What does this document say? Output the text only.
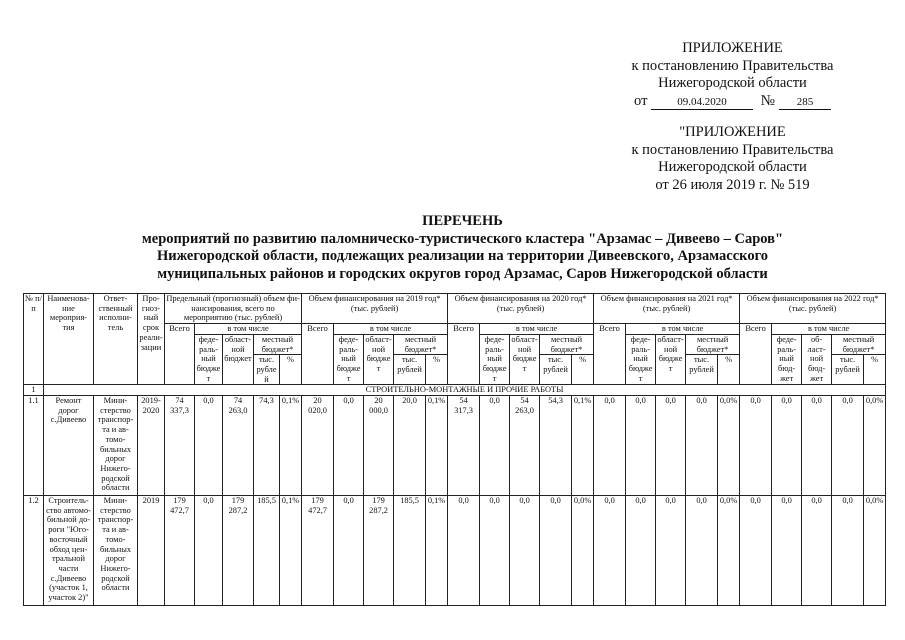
ПРИЛОЖЕНИЕ
к постановлению Правительства
Нижегородской области
от	09.04.2020 № 285
"ПРИЛОЖЕНИЕ
к постановлению Правительства
Нижегородской области
от 26 июля 2019 г. № 519
ПЕРЕЧЕНЬ
мероприятий по развитию паломническо-туристического кластера "Арзамас – Дивеево – Саров"
Нижегородской области, подлежащих реализации на территории Дивеевского, Арзамасского
муниципальных районов и городских округов город Арзамас, Саров Нижегородской области
№ п/п	Наименова-ние мероприя-тия	Ответ-ственный исполни-тель	Про-гноз-ный срок реали-зации	Предельный (прогнозный) объем фи-нансирования, всего по мероприятию (тыс. рублей)					Объем финансирования на 2019 год* (тыс. рублей)					Объем финансирования на 2020 год* (тыс. рублей)					Объем финансирования на 2021 год* (тыс. рублей)					Объем финансирования на 2022 год* (тыс. рублей)				
				Всего	в том числе				Всего	в том числе				Всего	в том числе				Всего	в том числе				Всего	в том числе			
					феде-раль-ный бюджет	област-ной бюджет	местный бюджет*			феде-раль-ный бюджет	област-ной бюджет	местный бюджет*			феде-раль-ный бюджет	област-ной бюджет	местный бюджет*			феде-раль-ный бюджет	област-ной бюджет	местный бюджет*			феде-раль-ный бюд-жет	об-ласт-ной бюд-жет	местный бюджет*	
							тыс. рублей	%				тыс. рублей	%				тыс. рублей	%				тыс. рублей	%				тыс. рублей	%
1	СТРОИТЕЛЬНО-МОНТАЖНЫЕ И ПРОЧИЕ РАБОТЫ																											
1.1	Ремонт дорог с.Дивеево	Мини-стерство транспор-та и ав-томо-бильных дорог Нижего-родской области	2019-2020	74 337,3	0,0	74 263,0	74,3	0,1%	20 020,0	0,0	20 000,0	20,0	0,1%	54 317,3	0,0	54 263,0	54,3	0,1%	0,0	0,0	0,0	0,0	0,0%	0,0	0,0	0,0	0,0	0,0%
1.2	Строитель-ство автомо-бильной до-роги "Юго-восточный обход цен-тральной части с.Дивеево (участок 1, участок 2)"	Мини-стерство транспор-та и ав-томо-бильных дорог Нижего-родской области	2019	179 472,7	0,0	179 287,2	185,5	0,1%	179 472,7	0,0	179 287,2	185,5	0,1%	0,0	0,0	0,0	0,0	0,0%	0,0	0,0	0,0	0,0	0,0%	0,0	0,0	0,0	0,0	0,0%
